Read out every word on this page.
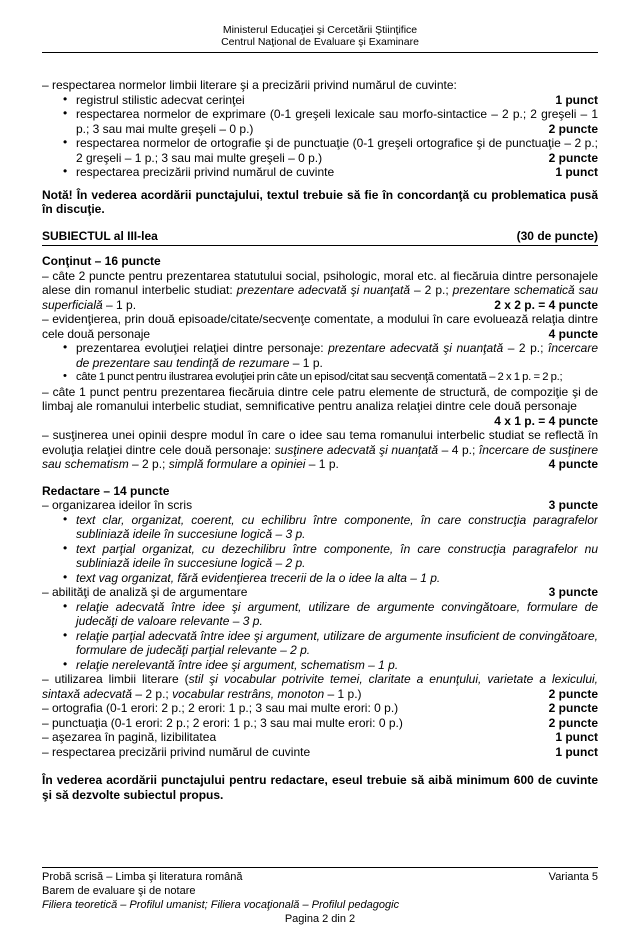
Ministerul Educaţiei şi Cercetării Ştiinţifice
Centrul Naţional de Evaluare şi Examinare
– respectarea normelor limbii literare şi a precizării privind numărul de cuvinte:
• registrul stilistic adecvat cerinţei	1 punct
• respectarea normelor de exprimare (0-1 greşeli lexicale sau morfo-sintactice – 2 p.; 2 greşeli – 1 p.; 3 sau mai multe greşeli – 0 p.)	2 puncte
• respectarea normelor de ortografie şi de punctuaţie (0-1 greşeli ortografice şi de punctuaţie – 2 p.; 2 greşeli – 1 p.; 3 sau mai multe greşeli – 0 p.)	2 puncte
• respectarea precizării privind numărul de cuvinte	1 punct
Notă! În vederea acordării punctajului, textul trebuie să fie în concordanţă cu problematica pusă în discuţie.
SUBIECTUL al III-lea	(30 de puncte)
Conţinut – 16 puncte
– câte 2 puncte pentru prezentarea statutului social, psihologic, moral etc. al fiecăruia dintre personajele alese din romanul interbelic studiat: prezentare adecvată şi nuanţată – 2 p.; prezentare schematică sau superficială – 1 p.	2 x 2 p. = 4 puncte
– evidenţierea, prin două episoade/citate/secvenţe comentate, a modului în care evoluează relaţia dintre cele două personaje	4 puncte
• prezentarea evoluţiei relaţiei dintre personaje: prezentare adecvată şi nuanţată – 2 p.; încercare de prezentare sau tendinţă de rezumare – 1 p.
• câte 1 punct pentru ilustrarea evoluţiei prin câte un episod/citat sau secvenţă comentată – 2 x 1 p. = 2 p.;
– câte 1 punct pentru prezentarea fiecăruia dintre cele patru elemente de structură, de compoziţie şi de limbaj ale romanului interbelic studiat, semnificative pentru analiza relaţiei dintre cele două personaje
4 x 1 p. = 4 puncte
– susţinerea unei opinii despre modul în care o idee sau tema romanului interbelic studiat se reflectă în evoluţia relaţiei dintre cele două personaje: susţinere adecvată şi nuanţată – 4 p.; încercare de susţinere sau schematism – 2 p.; simplă formulare a opiniei – 1 p.	4 puncte
Redactare – 14 puncte
– organizarea ideilor în scris	3 puncte
• text clar, organizat, coerent, cu echilibru între componente, în care construcţia paragrafelor subliniază ideile în succesiune logică – 3 p.
• text parţial organizat, cu dezechilibru între componente, în care construcţia paragrafelor nu subliniază ideile în succesiune logică – 2 p.
• text vag organizat, fără evidenţierea trecerii de la o idee la alta – 1 p.
– abilităţi de analiză şi de argumentare	3 puncte
• relaţie adecvată între idee şi argument, utilizare de argumente convingătoare, formulare de judecăţi de valoare relevante – 3 p.
• relaţie parţial adecvată între idee şi argument, utilizare de argumente insuficient de convingătoare, formulare de judecăţi parţial relevante – 2 p.
• relaţie nerelevantă între idee şi argument, schematism – 1 p.
– utilizarea limbii literare (stil şi vocabular potrivite temei, claritate a enunţului, varietate a lexicului, sintaxă adecvată – 2 p.; vocabular restrâns, monoton – 1 p.)	2 puncte
– ortografia (0-1 erori: 2 p.; 2 erori: 1 p.; 3 sau mai multe erori: 0 p.)	2 puncte
– punctuaţia (0-1 erori: 2 p.; 2 erori: 1 p.; 3 sau mai multe erori: 0 p.)	2 puncte
– aşezarea în pagină, lizibilitatea	1 punct
– respectarea precizării privind numărul de cuvinte	1 punct
În vederea acordării punctajului pentru redactare, eseul trebuie să aibă minimum 600 de cuvinte şi să dezvolte subiectul propus.
Probă scrisă – Limba şi literatura română	Varianta 5
Barem de evaluare şi de notare
Filiera teoretică – Profilul umanist; Filiera vocaţională – Profilul pedagogic
Pagina 2 din 2
